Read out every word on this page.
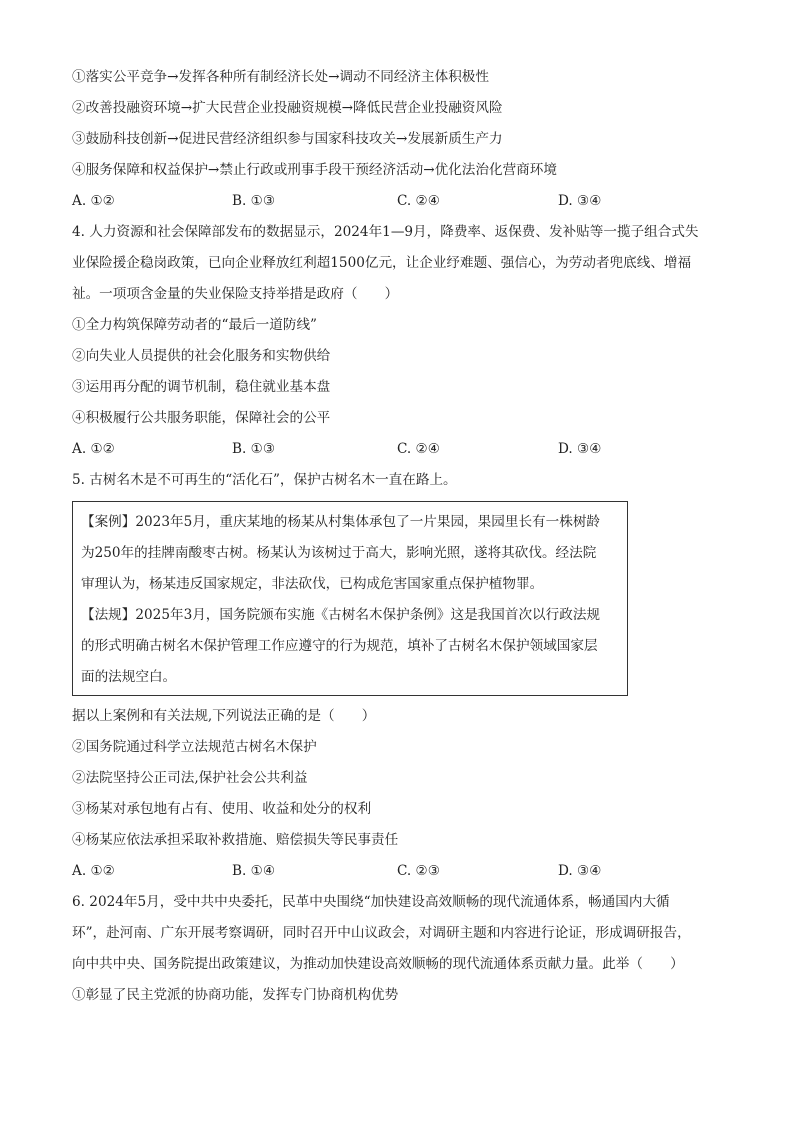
①落实公平竞争→发挥各种所有制经济长处→调动不同经济主体积极性
②改善投融资环境→扩大民营企业投融资规模→降低民营企业投融资风险
③鼓励科技创新→促进民营经济组织参与国家科技攻关→发展新质生产力
④服务保障和权益保护→禁止行政或刑事手段干预经济活动→优化法治化营商环境
A. ①②	B. ①③	C. ②④	D. ③④
4. 人力资源和社会保障部发布的数据显示，2024年1—9月，降费率、返保费、发补贴等一揽子组合式失
业保险援企稳岗政策，已向企业释放红利超1500亿元，让企业纾难题、强信心，为劳动者兜底线、增福
祉。一项项含金量的失业保险支持举措是政府（　　）
①全力构筑保障劳动者的“最后一道防线”
②向失业人员提供的社会化服务和实物供给
③运用再分配的调节机制，稳住就业基本盘
④积极履行公共服务职能，保障社会的公平
A. ①②	B. ①③	C. ②④	D. ③④
5. 古树名木是不可再生的“活化石”，保护古树名木一直在路上。
【案例】2023年5月，重庆某地的杨某从村集体承包了一片果园，果园里长有一株树龄
为250年的挂牌南酸枣古树。杨某认为该树过于高大，影响光照，遂将其砍伐。经法院
审理认为，杨某违反国家规定，非法砍伐，已构成危害国家重点保护植物罪。
【法规】2025年3月，国务院颁布实施《古树名木保护条例》这是我国首次以行政法规
的形式明确古树名木保护管理工作应遵守的行为规范，填补了古树名木保护领域国家层
面的法规空白。
据以上案例和有关法规,下列说法正确的是（　　）
②国务院通过科学立法规范古树名木保护
②法院坚持公正司法,保护社会公共利益
③杨某对承包地有占有、使用、收益和处分的权利
④杨某应依法承担采取补救措施、赔偿损失等民事责任
A. ①②	B. ①④	C. ②③	D. ③④
6. 2024年5月，受中共中央委托，民革中央围绕“加快建设高效顺畅的现代流通体系，畅通国内大循
环”，赴河南、广东开展考察调研，同时召开中山议政会，对调研主题和内容进行论证，形成调研报告，
向中共中央、国务院提出政策建议，为推动加快建设高效顺畅的现代流通体系贡献力量。此举（　　）
①彰显了民主党派的协商功能，发挥专门协商机构优势
